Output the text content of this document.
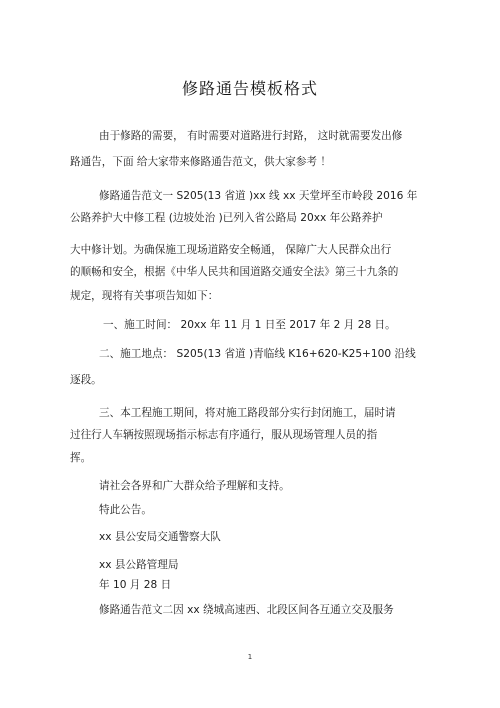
修路通告模板格式
由于修路的需要， 有时需要对道路进行封路， 这时就需要发出修
路通告，下面 给大家带来修路通告范文，供大家参考 ！
修路通告范文一 S205(13 省道 )xx 线 xx 天堂坪至市岭段 2016 年
公路养护大中修工程 (边坡处治 )已列入省公路局 20xx 年公路养护
大中修计划。为确保施工现场道路安全畅通， 保障广大人民群众出行
的顺畅和安全，根据《中华人民共和国道路交通安全法》第三十九条的
规定，现将有关事项告知如下：
一、施工时间： 20xx 年 11 月 1 日至 2017 年 2 月 28 日。
二、施工地点： S205(13 省道 )青临线 K16+620-K25+100 沿线
逐段。
三、本工程施工期间，将对施工路段部分实行封闭施工，届时请
过往行人车辆按照现场指示标志有序通行，服从现场管理人员的指
挥。
请社会各界和广大群众给予理解和支持。
特此公告。
xx 县公安局交通警察大队
xx 县公路管理局
年 10 月 28 日
修路通告范文二因 xx 绕城高速西、北段区间各互通立交及服务
1
